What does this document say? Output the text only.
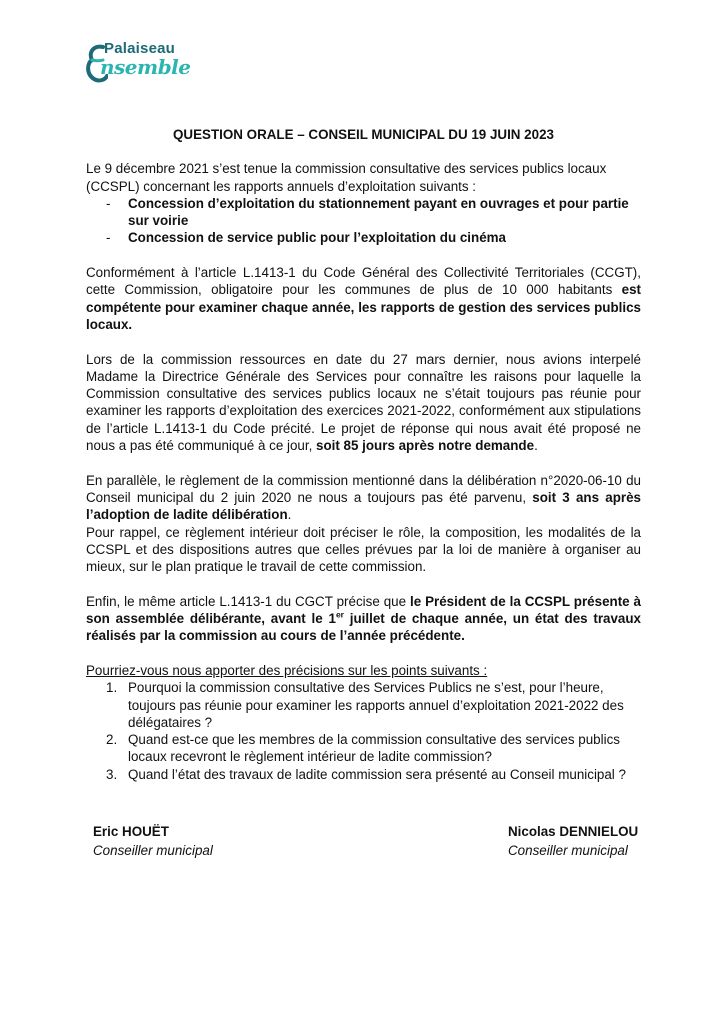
Palaiseau
nsemble
QUESTION ORALE – CONSEIL MUNICIPAL DU 19 JUIN 2023

Le 9 décembre 2021 s’est tenue la commission consultative des services publics locaux (CCSPL) concernant les rapports annuels d’exploitation suivants :

- Concession d’exploitation du stationnement payant en ouvrages et pour partie sur voirie
- Concession de service public pour l’exploitation du cinéma

Conformément à l’article L.1413-1 du Code Général des Collectivité Territoriales (CCGT), cette Commission, obligatoire pour les communes de plus de 10 000 habitants est compétente pour examiner chaque année, les rapports de gestion des services publics locaux.

Lors de la commission ressources en date du 27 mars dernier, nous avions interpelé Madame la Directrice Générale des Services pour connaître les raisons pour laquelle la Commission consultative des services publics locaux ne s’était toujours pas réunie pour examiner les rapports d’exploitation des exercices 2021-2022, conformément aux stipulations de l’article L.1413-1 du Code précité. Le projet de réponse qui nous avait été proposé ne nous a pas été communiqué à ce jour, soit 85 jours après notre demande.

En parallèle, le règlement de la commission mentionné dans la délibération n°2020-06-10 du Conseil municipal du 2 juin 2020 ne nous a toujours pas été parvenu, soit 3 ans après l’adoption de ladite délibération.

Pour rappel, ce règlement intérieur doit préciser le rôle, la composition, les modalités de la CCSPL et des dispositions autres que celles prévues par la loi de manière à organiser au mieux, sur le plan pratique le travail de cette commission.

Enfin, le même article L.1413-1 du CGCT précise que le Président de la CCSPL présente à son assemblée délibérante, avant le 1er juillet de chaque année, un état des travaux réalisés par la commission au cours de l’année précédente.

Pourriez-vous nous apporter des précisions sur les points suivants :

1. Pourquoi la commission consultative des Services Publics ne s’est, pour l’heure, toujours pas réunie pour examiner les rapports annuel d’exploitation 2021-2022 des délégataires ?
2. Quand est-ce que les membres de la commission consultative des services publics locaux recevront le règlement intérieur de ladite commission?
3. Quand l’état des travaux de ladite commission sera présenté au Conseil municipal ?
Eric HOUËT
Conseiller municipal
Nicolas DENNIELOU
Conseiller municipal
